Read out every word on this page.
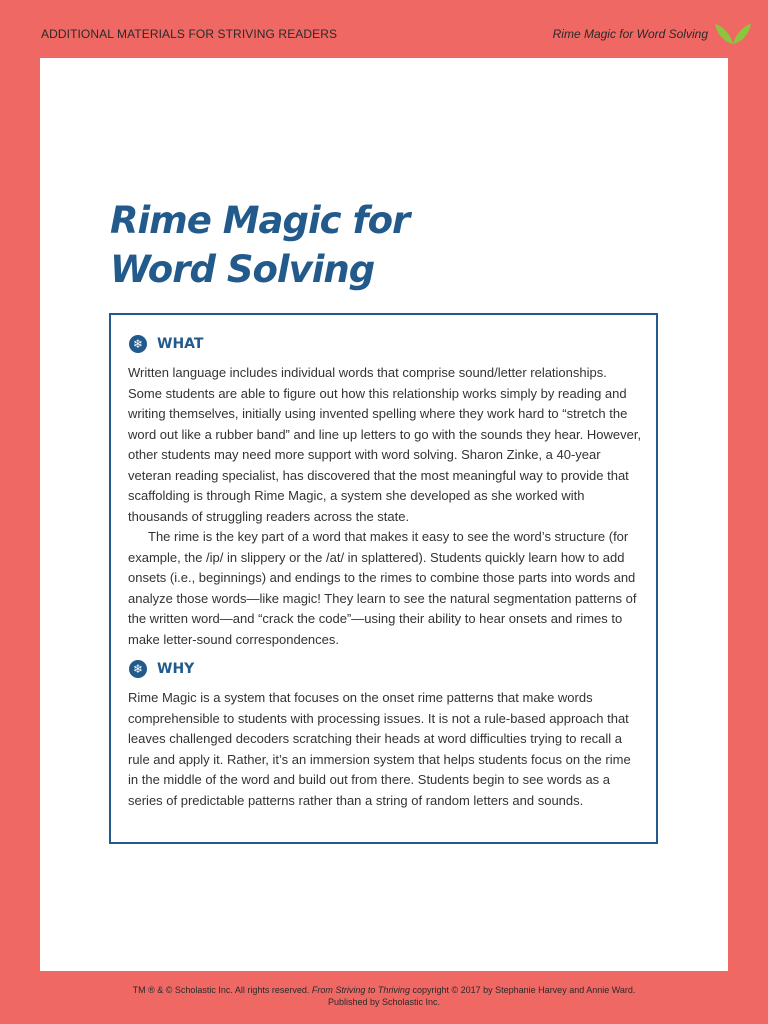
ADDITIONAL MATERIALS FOR STRIVING READERS	Rime Magic for Word Solving
Rime Magic for
Word Solving
❄ WHAT

Written language includes individual words that comprise sound/letter relationships. Some students are able to figure out how this relationship works simply by reading and writing themselves, initially using invented spelling where they work hard to “stretch the word out like a rubber band” and line up letters to go with the sounds they hear. However, other students may need more support with word solving. Sharon Zinke, a 40-year veteran reading specialist, has discovered that the most meaningful way to provide that scaffolding is through Rime Magic, a system she developed as she worked with thousands of struggling readers across the state.

The rime is the key part of a word that makes it easy to see the word’s structure (for example, the /ip/ in slippery or the /at/ in splattered). Students quickly learn how to add onsets (i.e., beginnings) and endings to the rimes to combine those parts into words and analyze those words—like magic! They learn to see the natural segmentation patterns of the written word—and “crack the code”—using their ability to hear onsets and rimes to make letter-sound correspondences.

❄ WHY

Rime Magic is a system that focuses on the onset rime patterns that make words comprehensible to students with processing issues. It is not a rule-based approach that leaves challenged decoders scratching their heads at word difficulties trying to recall a rule and apply it. Rather, it’s an immersion system that helps students focus on the rime in the middle of the word and build out from there. Students begin to see words as a series of predictable patterns rather than a string of random letters and sounds.

TM ® & © Scholastic Inc. All rights reserved. From Striving to Thriving copyright © 2017 by Stephanie Harvey and Annie Ward.
Published by Scholastic Inc.
